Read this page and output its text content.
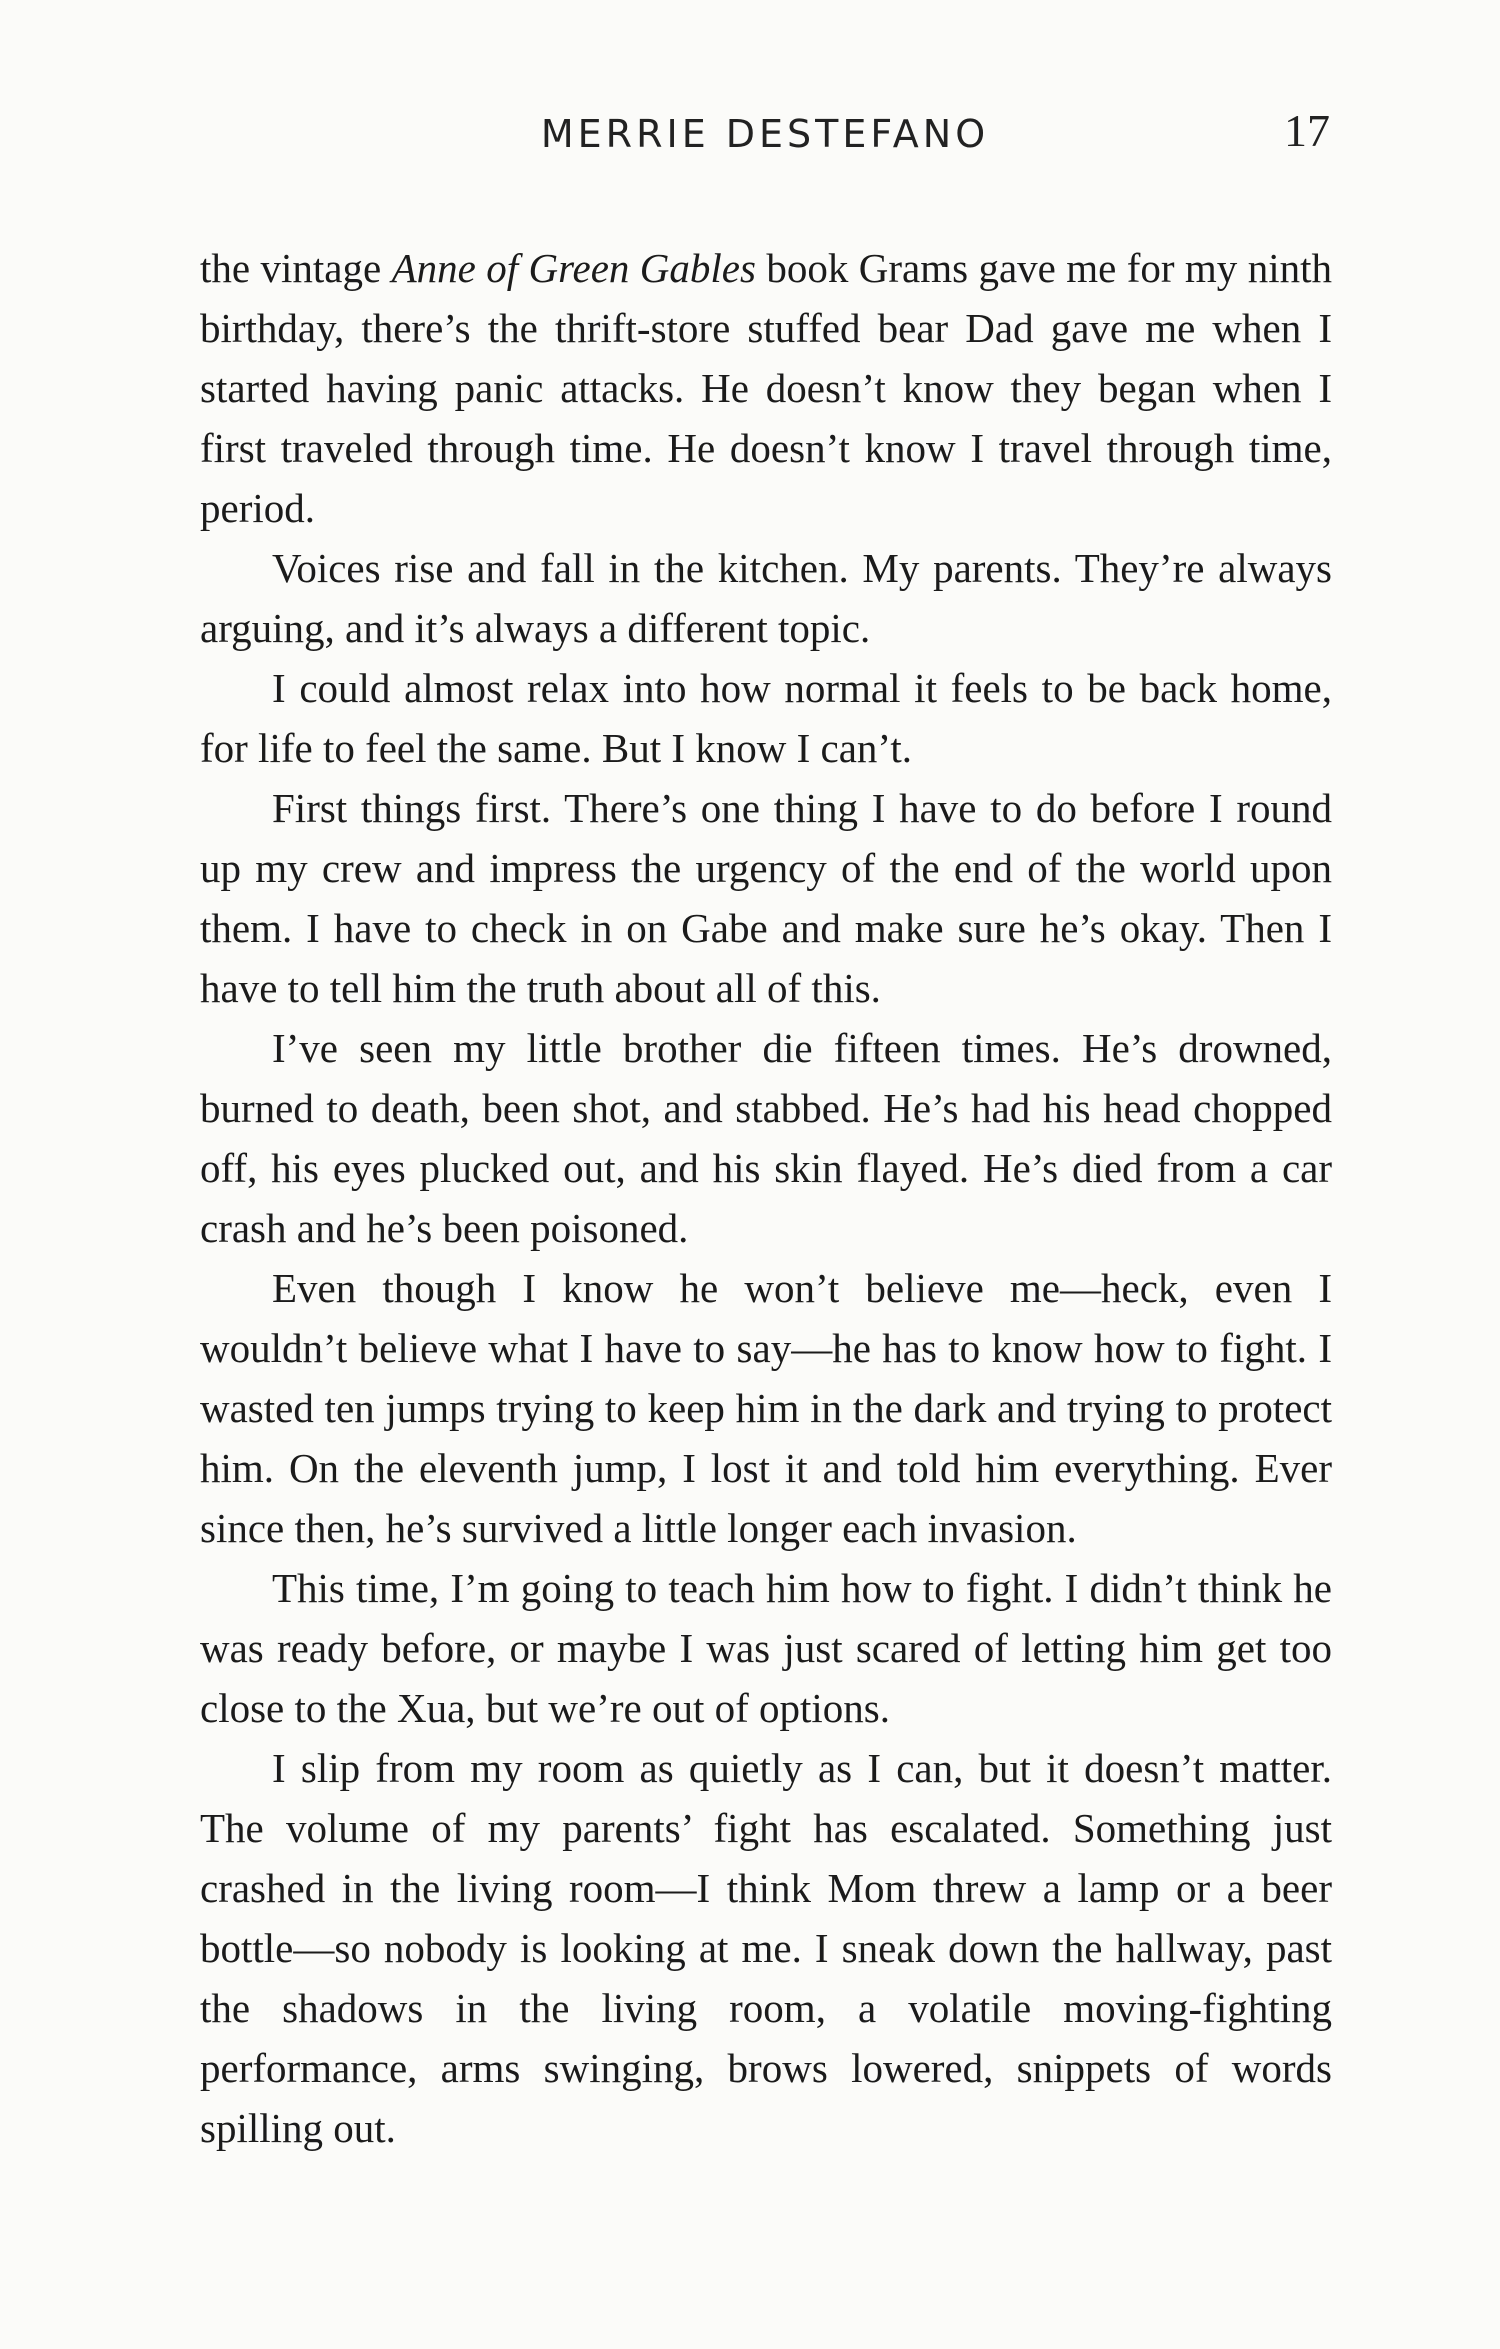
MERRIE DESTEFANO	17

the vintage Anne of Green Gables book Grams gave me for my ninth birthday, there’s the thrift-store stuffed bear Dad gave me when I started having panic attacks. He doesn’t know they began when I first traveled through time. He doesn’t know I travel through time, period.

Voices rise and fall in the kitchen. My parents. They’re always arguing, and it’s always a different topic.

I could almost relax into how normal it feels to be back home, for life to feel the same. But I know I can’t.

First things first. There’s one thing I have to do before I round up my crew and impress the urgency of the end of the world upon them. I have to check in on Gabe and make sure he’s okay. Then I have to tell him the truth about all of this.

I’ve seen my little brother die fifteen times. He’s drowned, burned to death, been shot, and stabbed. He’s had his head chopped off, his eyes plucked out, and his skin flayed. He’s died from a car crash and he’s been poisoned.

Even though I know he won’t believe me—heck, even I wouldn’t believe what I have to say—he has to know how to fight. I wasted ten jumps trying to keep him in the dark and trying to protect him. On the eleventh jump, I lost it and told him everything. Ever since then, he’s survived a little longer each invasion.

This time, I’m going to teach him how to fight. I didn’t think he was ready before, or maybe I was just scared of letting him get too close to the Xua, but we’re out of options.

I slip from my room as quietly as I can, but it doesn’t matter. The volume of my parents’ fight has escalated. Something just crashed in the living room—I think Mom threw a lamp or a beer bottle—so nobody is looking at me. I sneak down the hallway, past the shadows in the living room, a volatile moving-fighting performance, arms swinging, brows lowered, snippets of words spilling out.
